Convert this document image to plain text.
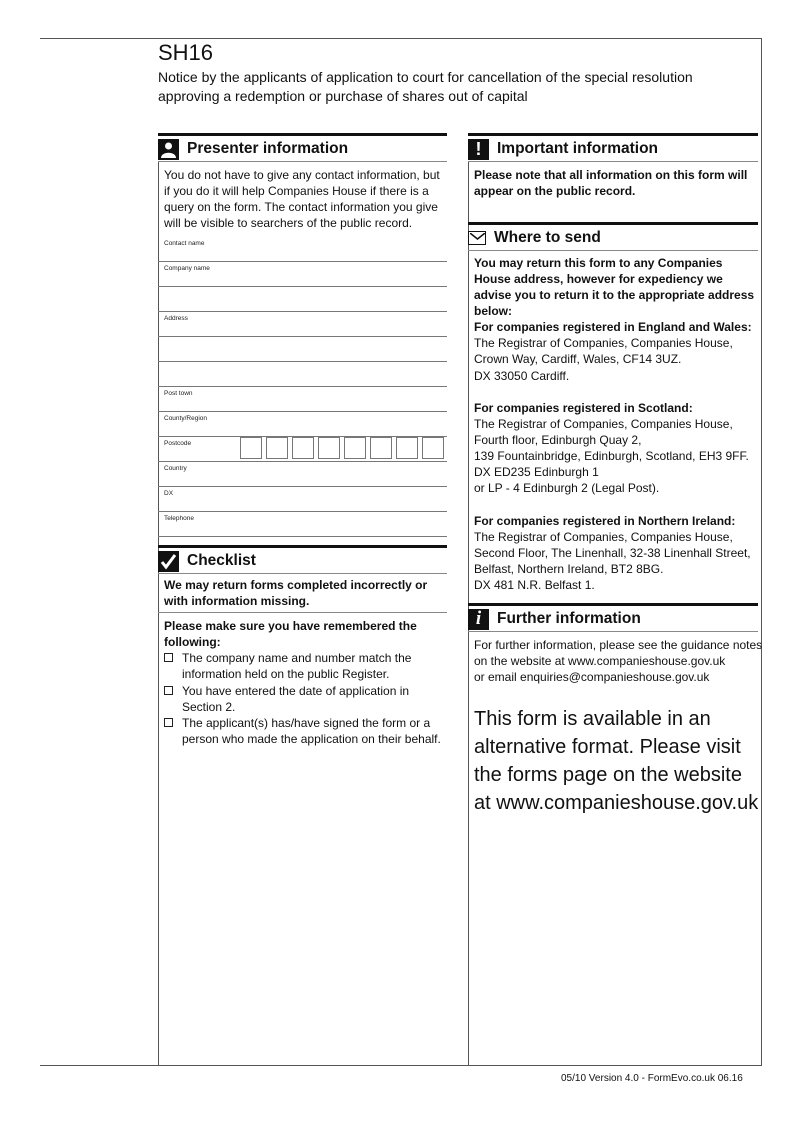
SH16
Notice by the applicants of application to court for cancellation of the special resolution approving a redemption or purchase of shares out of capital
Presenter information
You do not have to give any contact information, but if you do it will help Companies House if there is a query on the form. The contact information you give will be visible to searchers of the public record.
Contact name
Company name
Address
Post town
County/Region
Postcode
Country
DX
Telephone
Checklist
We may return forms completed incorrectly or with information missing.
Please make sure you have remembered the following:
The company name and number match the information held on the public Register.
You have entered the date of application in Section 2.
The applicant(s) has/have signed the form or a person who made the application on their behalf.
!	Important information
Please note that all information on this form will appear on the public record.
Where to send
You may return this form to any Companies House address, however for expediency we advise you to return it to the appropriate address below:
For companies registered in England and Wales:
The Registrar of Companies, Companies House,
Crown Way, Cardiff, Wales, CF14 3UZ.
DX 33050 Cardiff.
For companies registered in Scotland:
The Registrar of Companies, Companies House,
Fourth floor, Edinburgh Quay 2,
139 Fountainbridge, Edinburgh, Scotland, EH3 9FF.
DX ED235 Edinburgh 1
or LP - 4 Edinburgh 2 (Legal Post).
For companies registered in Northern Ireland:
The Registrar of Companies, Companies House,
Second Floor, The Linenhall, 32-38 Linenhall Street,
Belfast, Northern Ireland, BT2 8BG.
DX 481 N.R. Belfast 1.
i	Further information
For further information, please see the guidance notes
on the website at www.companieshouse.gov.uk
or email enquiries@companieshouse.gov.uk
This form is available in an alternative format. Please visit the forms page on the website at www.companieshouse.gov.uk
05/10 Version 4.0 - FormEvo.co.uk 06.16
